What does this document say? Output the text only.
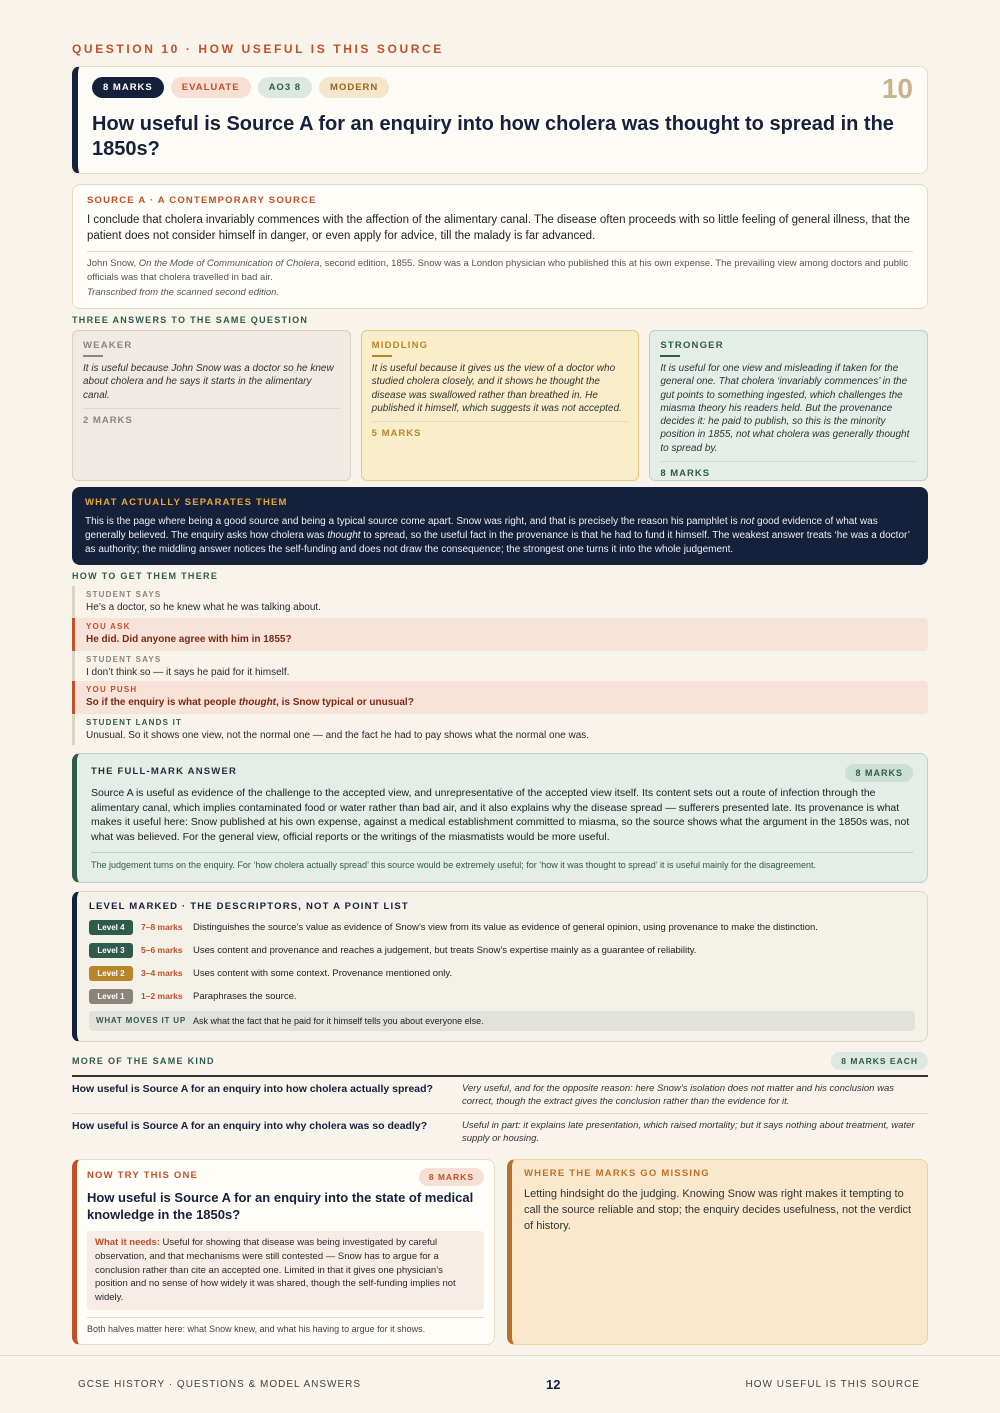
QUESTION 10 · HOW USEFUL IS THIS SOURCE
8 MARKS	EVALUATE	AO3 8	MODERN	10
How useful is Source A for an enquiry into how cholera was thought to spread in the 1850s?
SOURCE A · A CONTEMPORARY SOURCE
I conclude that cholera invariably commences with the affection of the alimentary canal. The disease often proceeds with so little feeling of general illness, that the patient does not consider himself in danger, or even apply for advice, till the malady is far advanced.
John Snow, On the Mode of Communication of Cholera, second edition, 1855. Snow was a London physician who published this at his own expense. The prevailing view among doctors and public officials was that cholera travelled in bad air.
Transcribed from the scanned second edition.
THREE ANSWERS TO THE SAME QUESTION
WEAKER
It is useful because John Snow was a doctor so he knew about cholera and he says it starts in the alimentary canal.
2 MARKS
MIDDLING
It is useful because it gives us the view of a doctor who studied cholera closely, and it shows he thought the disease was swallowed rather than breathed in. He published it himself, which suggests it was not accepted.
5 MARKS
STRONGER
It is useful for one view and misleading if taken for the general one. That cholera ‘invariably commences’ in the gut points to something ingested, which challenges the miasma theory his readers held. But the provenance decides it: he paid to publish, so this is the minority position in 1855, not what cholera was generally thought to spread by.
8 MARKS
WHAT ACTUALLY SEPARATES THEM
This is the page where being a good source and being a typical source come apart. Snow was right, and that is precisely the reason his pamphlet is not good evidence of what was generally believed. The enquiry asks how cholera was thought to spread, so the useful fact in the provenance is that he had to fund it himself. The weakest answer treats ‘he was a doctor’ as authority; the middling answer notices the self-funding and does not draw the consequence; the strongest one turns it into the whole judgement.
HOW TO GET THEM THERE
STUDENT SAYS
He’s a doctor, so he knew what he was talking about.
YOU ASK
He did. Did anyone agree with him in 1855?
STUDENT SAYS
I don’t think so — it says he paid for it himself.
YOU PUSH
So if the enquiry is what people thought, is Snow typical or unusual?
STUDENT LANDS IT
Unusual. So it shows one view, not the normal one — and the fact he had to pay shows what the normal one was.
THE FULL-MARK ANSWER	8 MARKS
Source A is useful as evidence of the challenge to the accepted view, and unrepresentative of the accepted view itself. Its content sets out a route of infection through the alimentary canal, which implies contaminated food or water rather than bad air, and it also explains why the disease spread — sufferers presented late. Its provenance is what makes it useful here: Snow published at his own expense, against a medical establishment committed to miasma, so the source shows what the argument in the 1850s was, not what was believed. For the general view, official reports or the writings of the miasmatists would be more useful.
The judgement turns on the enquiry. For ‘how cholera actually spread’ this source would be extremely useful; for ‘how it was thought to spread’ it is useful mainly for the disagreement.
LEVEL MARKED · THE DESCRIPTORS, NOT A POINT LIST
Level 4	7–8 marks	Distinguishes the source’s value as evidence of Snow’s view from its value as evidence of general opinion, using provenance to make the distinction.
Level 3	5–6 marks	Uses content and provenance and reaches a judgement, but treats Snow’s expertise mainly as a guarantee of reliability.
Level 2	3–4 marks	Uses content with some context. Provenance mentioned only.
Level 1	1–2 marks	Paraphrases the source.
WHAT MOVES IT UP Ask what the fact that he paid for it himself tells you about everyone else.
MORE OF THE SAME KIND	8 MARKS EACH
How useful is Source A for an enquiry into how cholera actually spread?	Very useful, and for the opposite reason: here Snow’s isolation does not matter and his conclusion was correct, though the extract gives the conclusion rather than the evidence for it.
How useful is Source A for an enquiry into why cholera was so deadly?	Useful in part: it explains late presentation, which raised mortality; but it says nothing about treatment, water supply or housing.
NOW TRY THIS ONE	8 MARKS
How useful is Source A for an enquiry into the state of medical knowledge in the 1850s?
What it needs: Useful for showing that disease was being investigated by careful observation, and that mechanisms were still contested — Snow has to argue for a conclusion rather than cite an accepted one. Limited in that it gives one physician’s position and no sense of how widely it was shared, though the self-funding implies not widely.
Both halves matter here: what Snow knew, and what his having to argue for it shows.
WHERE THE MARKS GO MISSING
Letting hindsight do the judging. Knowing Snow was right makes it tempting to call the source reliable and stop; the enquiry decides usefulness, not the verdict of history.
GCSE HISTORY · QUESTIONS & MODEL ANSWERS	12	HOW USEFUL IS THIS SOURCE
